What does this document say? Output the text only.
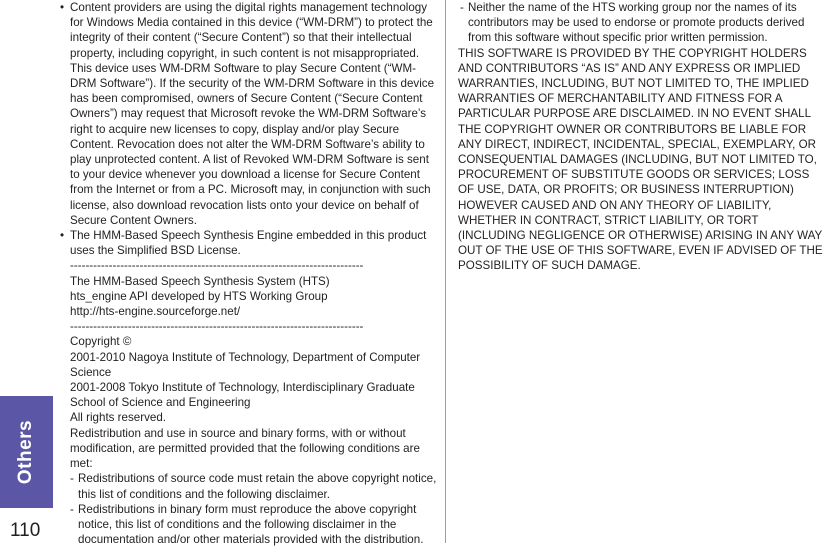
Others
110
• Content providers are using the digital rights management technology for Windows Media contained in this device (“WM-DRM”) to protect the integrity of their content (“Secure Content”) so that their intellectual property, including copyright, in such content is not misappropriated. This device uses WM-DRM Software to play Secure Content (“WM-DRM Software”). If the security of the WM-DRM Software in this device has been compromised, owners of Secure Content (“Secure Content Owners”) may request that Microsoft revoke the WM-DRM Software’s right to acquire new licenses to copy, display and/or play Secure Content. Revocation does not alter the WM-DRM Software’s ability to play unprotected content. A list of Revoked WM-DRM Software is sent to your device whenever you download a license for Secure Content from the Internet or from a PC. Microsoft may, in conjunction with such license, also download revocation lists onto your device on behalf of Secure Content Owners.
• The HMM-Based Speech Synthesis Engine embedded in this product uses the Simplified BSD License.
----------------------------------------------------------------------------
The HMM-Based Speech Synthesis System (HTS)
hts_engine API developed by HTS Working Group
http://hts-engine.sourceforge.net/
----------------------------------------------------------------------------
Copyright ©
2001-2010 Nagoya Institute of Technology, Department of Computer Science
2001-2008 Tokyo Institute of Technology, Interdisciplinary Graduate School of Science and Engineering
All rights reserved.
Redistribution and use in source and binary forms, with or without modification, are permitted provided that the following conditions are met:
- Redistributions of source code must retain the above copyright notice, this list of conditions and the following disclaimer.
- Redistributions in binary form must reproduce the above copyright notice, this list of conditions and the following disclaimer in the documentation and/or other materials provided with the distribution.
- Neither the name of the HTS working group nor the names of its contributors may be used to endorse or promote products derived from this software without specific prior written permission.
THIS SOFTWARE IS PROVIDED BY THE COPYRIGHT HOLDERS AND CONTRIBUTORS “AS IS” AND ANY EXPRESS OR IMPLIED WARRANTIES, INCLUDING, BUT NOT LIMITED TO, THE IMPLIED WARRANTIES OF MERCHANTABILITY AND FITNESS FOR A PARTICULAR PURPOSE ARE DISCLAIMED. IN NO EVENT SHALL THE COPYRIGHT OWNER OR CONTRIBUTORS BE LIABLE FOR ANY DIRECT, INDIRECT, INCIDENTAL, SPECIAL, EXEMPLARY, OR CONSEQUENTIAL DAMAGES (INCLUDING, BUT NOT LIMITED TO, PROCUREMENT OF SUBSTITUTE GOODS OR SERVICES; LOSS OF USE, DATA, OR PROFITS; OR BUSINESS INTERRUPTION) HOWEVER CAUSED AND ON ANY THEORY OF LIABILITY, WHETHER IN CONTRACT, STRICT LIABILITY, OR TORT (INCLUDING NEGLIGENCE OR OTHERWISE) ARISING IN ANY WAY OUT OF THE USE OF THIS SOFTWARE, EVEN IF ADVISED OF THE POSSIBILITY OF SUCH DAMAGE.
